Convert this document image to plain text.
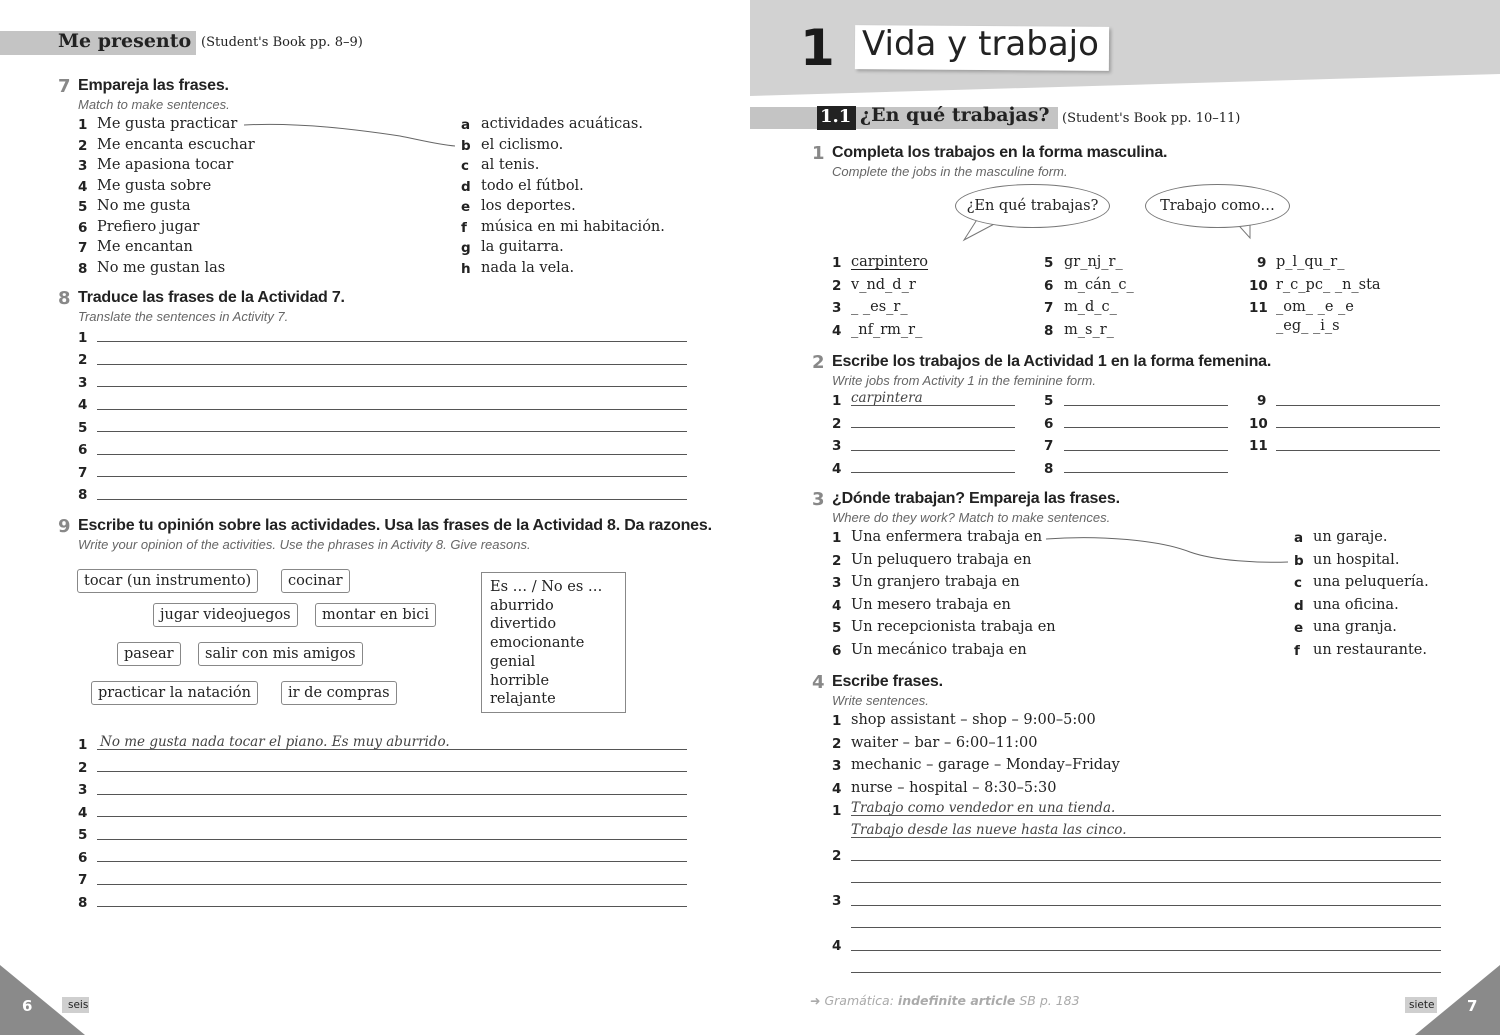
Me presento (Student's Book pp. 8–9)
7 Empareja las frases.
Match to make sentences.
1 Me gusta practicar
2 Me encanta escuchar
3 Me apasiona tocar
4 Me gusta sobre
5 No me gusta
6 Prefiero jugar
7 Me encantan
8 No me gustan las
a actividades acuáticas.
b el ciclismo.
c al tenis.
d todo el fútbol.
e los deportes.
f música en mi habitación.
g la guitarra.
h nada la vela.
8 Traduce las frases de la Actividad 7.
Translate the sentences in Activity 7.
1
2
3
4
5
6
7
8
9 Escribe tu opinión sobre las actividades. Usa las frases de la Actividad 8. Da razones.
Write your opinion of the activities. Use the phrases in Activity 8. Give reasons.
tocar (un instrumento)	cocinar
jugar videojuegos	montar en bici
pasear	salir con mis amigos
practicar la natación	ir de compras
Es … / No es …
aburrido
divertido
emocionante
genial
horrible
relajante
1 No me gusta nada tocar el piano. Es muy aburrido.
2
3
4
5
6
7
8
6	seis
1 Vida y trabajo
1.1 ¿En qué trabajas? (Student's Book pp. 10–11)
1 Completa los trabajos en la forma masculina.
Complete the jobs in the masculine form.
¿En qué trabajas?	Trabajo como…
1 carpintero
2 v_nd_d_r
3 _ _es_r_
4 _nf_rm_r_
5 gr_nj_r_
6 m_cán_c_
7 m_d_c_
8 m_s_r_
9 p_l_qu_r_
10 r_c_pc_ _n_sta
11 _om_ _e _e
_eg_ _i_s
2 Escribe los trabajos de la Actividad 1 en la forma femenina.
Write jobs from Activity 1 in the feminine form.
1 carpintera
2
3
4
5
6
7
8
9
10
11
3 ¿Dónde trabajan? Empareja las frases.
Where do they work? Match to make sentences.
1 Una enfermera trabaja en
2 Un peluquero trabaja en
3 Un granjero trabaja en
4 Un mesero trabaja en
5 Un recepcionista trabaja en
6 Un mecánico trabaja en
a un garaje.
b un hospital.
c una peluquería.
d una oficina.
e una granja.
f un restaurante.
4 Escribe frases.
Write sentences.
1 shop assistant – shop – 9:00–5:00
2 waiter – bar – 6:00–11:00
3 mechanic – garage – Monday–Friday
4 nurse – hospital – 8:30–5:30
1 Trabajo como vendedor en una tienda.
Trabajo desde las nueve hasta las cinco.
2
3
4
➜ Gramática: indefinite article SB p. 183	siete 7
